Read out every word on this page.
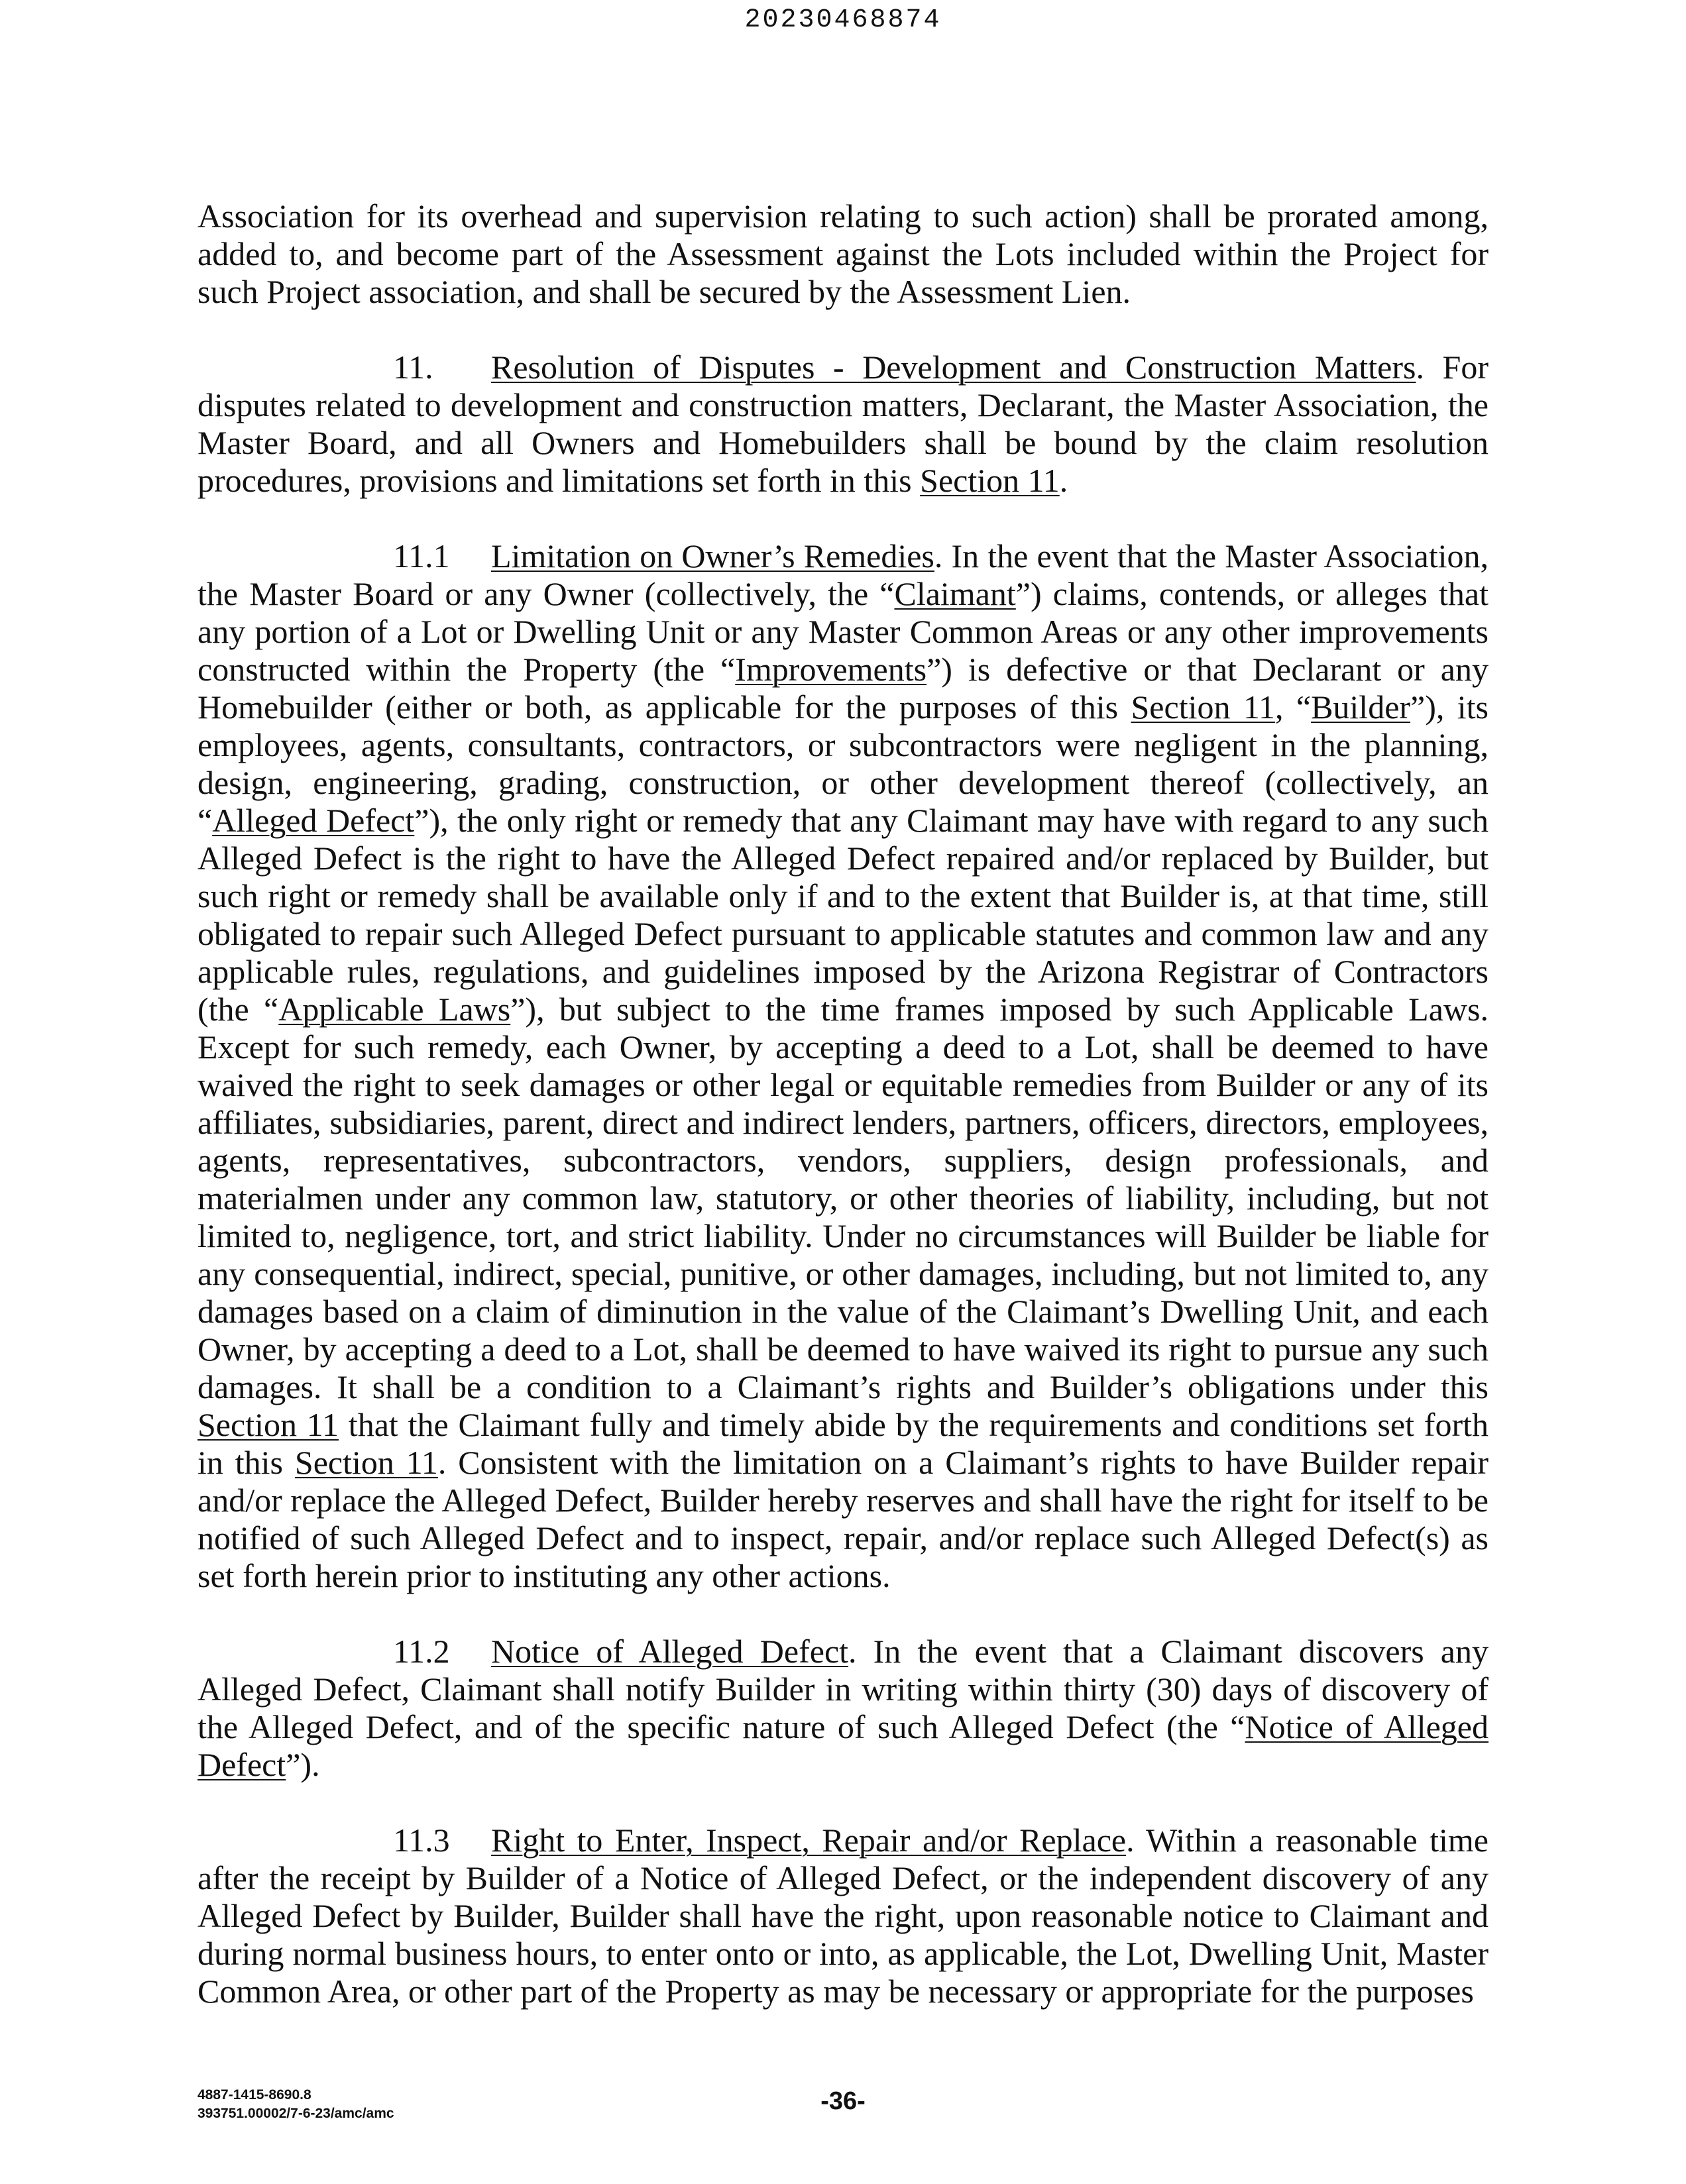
20230468874

Association for its overhead and supervision relating to such action) shall be prorated among, added to, and become part of the Assessment against the Lots included within the Project for such Project association, and shall be secured by the Assessment Lien.

11. Resolution of Disputes - Development and Construction Matters. For disputes related to development and construction matters, Declarant, the Master Association, the Master Board, and all Owners and Homebuilders shall be bound by the claim resolution procedures, provisions and limitations set forth in this Section 11.

11.1 Limitation on Owner’s Remedies. In the event that the Master Association, the Master Board or any Owner (collectively, the “Claimant”) claims, contends, or alleges that any portion of a Lot or Dwelling Unit or any Master Common Areas or any other improvements constructed within the Property (the “Improvements”) is defective or that Declarant or any Homebuilder (either or both, as applicable for the purposes of this Section 11, “Builder”), its employees, agents, consultants, contractors, or subcontractors were negligent in the planning, design, engineering, grading, construction, or other development thereof (collectively, an “Alleged Defect”), the only right or remedy that any Claimant may have with regard to any such Alleged Defect is the right to have the Alleged Defect repaired and/or replaced by Builder, but such right or remedy shall be available only if and to the extent that Builder is, at that time, still obligated to repair such Alleged Defect pursuant to applicable statutes and common law and any applicable rules, regulations, and guidelines imposed by the Arizona Registrar of Contractors (the “Applicable Laws”), but subject to the time frames imposed by such Applicable Laws. Except for such remedy, each Owner, by accepting a deed to a Lot, shall be deemed to have waived the right to seek damages or other legal or equitable remedies from Builder or any of its affiliates, subsidiaries, parent, direct and indirect lenders, partners, officers, directors, employees, agents, representatives, subcontractors, vendors, suppliers, design professionals, and materialmen under any common law, statutory, or other theories of liability, including, but not limited to, negligence, tort, and strict liability. Under no circumstances will Builder be liable for any consequential, indirect, special, punitive, or other damages, including, but not limited to, any damages based on a claim of diminution in the value of the Claimant’s Dwelling Unit, and each Owner, by accepting a deed to a Lot, shall be deemed to have waived its right to pursue any such damages. It shall be a condition to a Claimant’s rights and Builder’s obligations under this Section 11 that the Claimant fully and timely abide by the requirements and conditions set forth in this Section 11. Consistent with the limitation on a Claimant’s rights to have Builder repair and/or replace the Alleged Defect, Builder hereby reserves and shall have the right for itself to be notified of such Alleged Defect and to inspect, repair, and/or replace such Alleged Defect(s) as set forth herein prior to instituting any other actions.

11.2 Notice of Alleged Defect. In the event that a Claimant discovers any Alleged Defect, Claimant shall notify Builder in writing within thirty (30) days of discovery of the Alleged Defect, and of the specific nature of such Alleged Defect (the “Notice of Alleged Defect”).

11.3 Right to Enter, Inspect, Repair and/or Replace. Within a reasonable time after the receipt by Builder of a Notice of Alleged Defect, or the independent discovery of any Alleged Defect by Builder, Builder shall have the right, upon reasonable notice to Claimant and during normal business hours, to enter onto or into, as applicable, the Lot, Dwelling Unit, Master Common Area, or other part of the Property as may be necessary or appropriate for the purposes

4887-1415-8690.8
393751.00002/7-6-23/amc/amc	-36-
